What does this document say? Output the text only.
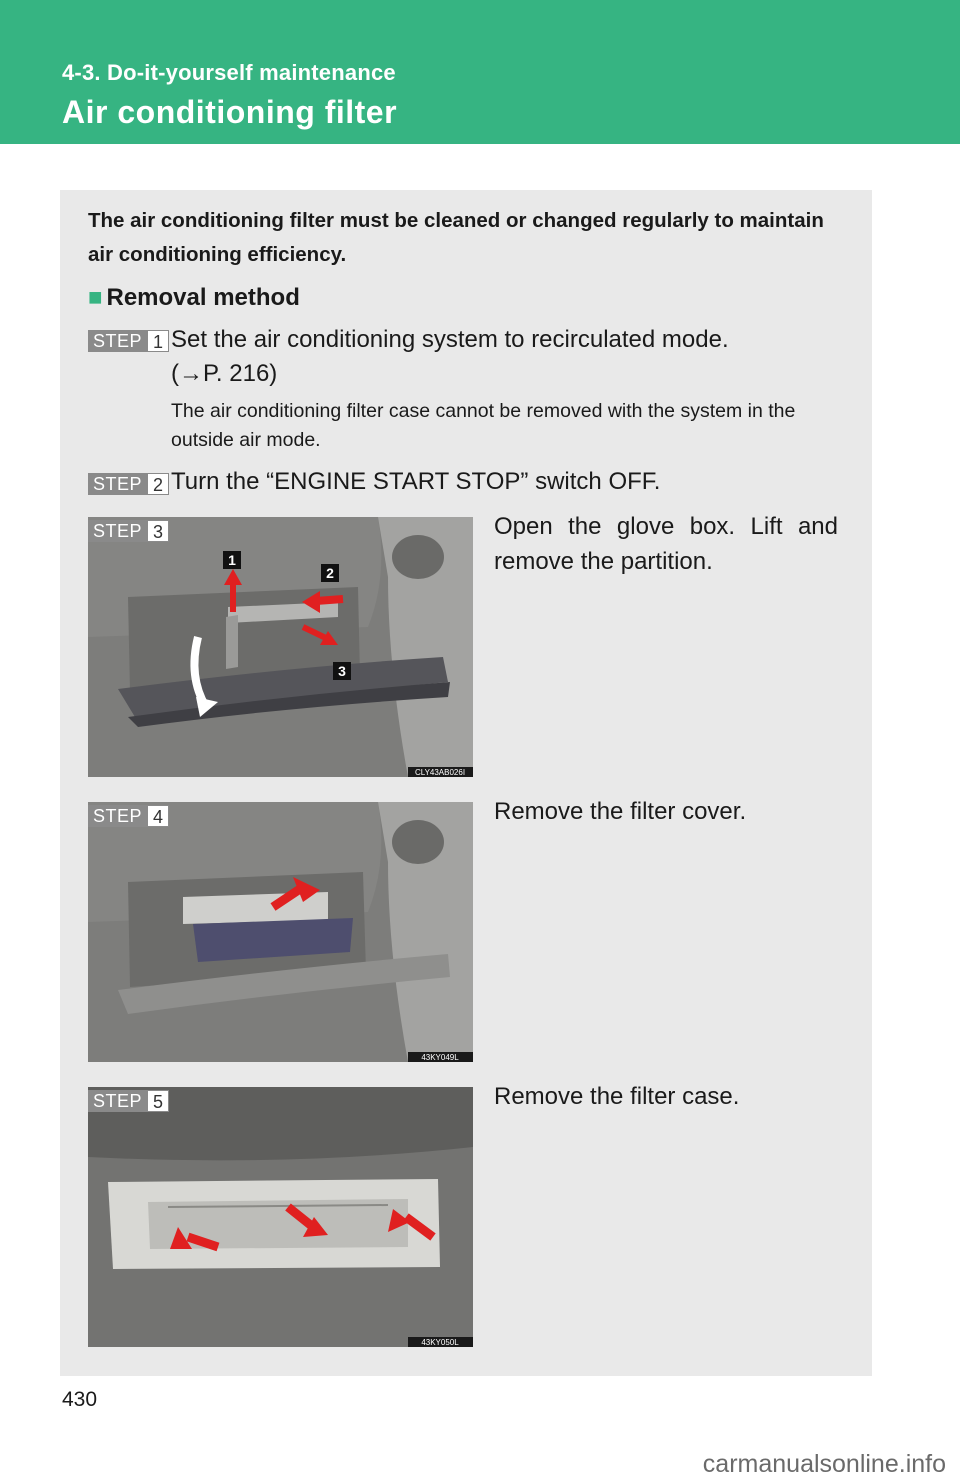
4-3. Do-it-yourself maintenance
Air conditioning filter
The air conditioning filter must be cleaned or changed regularly to maintain air conditioning efficiency.
■ Removal method
STEP 1 Set the air conditioning system to recirculated mode.
(→P. 216)
The air conditioning filter case cannot be removed with the system in the outside air mode.
STEP 2 Turn the “ENGINE START STOP” switch OFF.
1
2
3
CLY43AB026I
STEP 3	Open the glove box. Lift and remove the partition.
43KY049L
STEP 4	Remove the filter cover.
43KY050L
STEP 5	Remove the filter case.
430
carmanualsonline.info
